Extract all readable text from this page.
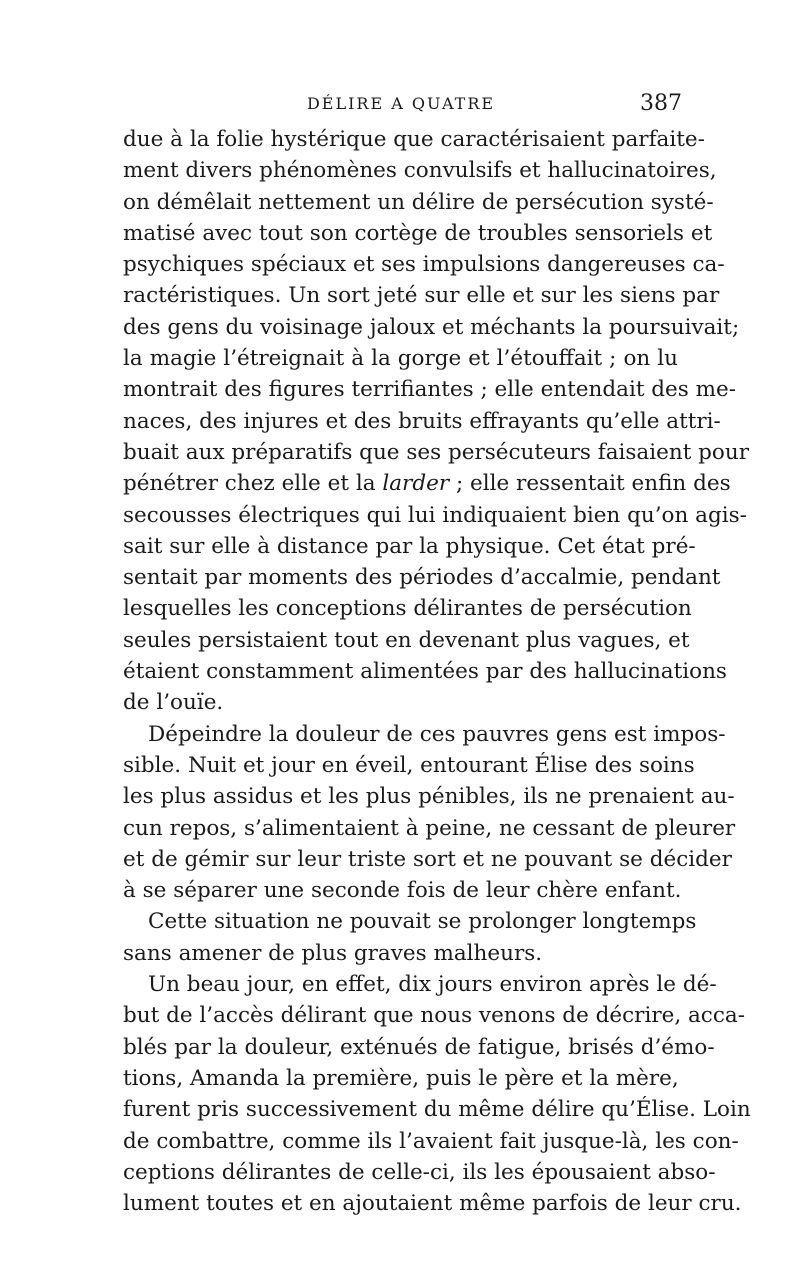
DÉLIRE A QUATRE	387
due à la folie hystérique que caractérisaient parfaite-
ment divers phénomènes convulsifs et hallucinatoires,
on démêlait nettement un délire de persécution systé-
matisé avec tout son cortège de troubles sensoriels et
psychiques spéciaux et ses impulsions dangereuses ca-
ractéristiques. Un sort jeté sur elle et sur les siens par
des gens du voisinage jaloux et méchants la poursuivait;
la magie l’étreignait à la gorge et l’étouffait ; on lu
montrait des figures terrifiantes ; elle entendait des me-
naces, des injures et des bruits effrayants qu’elle attri-
buait aux préparatifs que ses persécuteurs faisaient pour
pénétrer chez elle et la larder ; elle ressentait enfin des
secousses électriques qui lui indiquaient bien qu’on agis-
sait sur elle à distance par la physique. Cet état pré-
sentait par moments des périodes d’accalmie, pendant
lesquelles les conceptions délirantes de persécution
seules persistaient tout en devenant plus vagues, et
étaient constamment alimentées par des hallucinations
de l’ouïe.
Dépeindre la douleur de ces pauvres gens est impos-
sible. Nuit et jour en éveil, entourant Élise des soins
les plus assidus et les plus pénibles, ils ne prenaient au-
cun repos, s’alimentaient à peine, ne cessant de pleurer
et de gémir sur leur triste sort et ne pouvant se décider
à se séparer une seconde fois de leur chère enfant.
Cette situation ne pouvait se prolonger longtemps
sans amener de plus graves malheurs.
Un beau jour, en effet, dix jours environ après le dé-
but de l’accès délirant que nous venons de décrire, acca-
blés par la douleur, exténués de fatigue, brisés d’émo-
tions, Amanda la première, puis le père et la mère,
furent pris successivement du même délire qu’Élise. Loin
de combattre, comme ils l’avaient fait jusque-là, les con-
ceptions délirantes de celle-ci, ils les épousaient abso-
lument toutes et en ajoutaient même parfois de leur cru.
